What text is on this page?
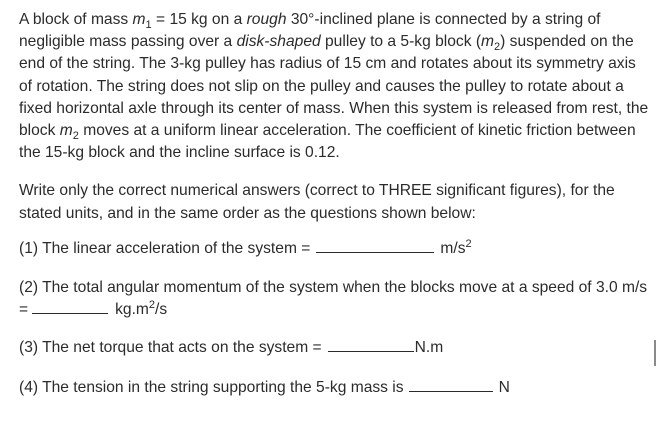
A block of mass $m_1 = 15$ kg on a rough 30°-inclined plane is connected by a string of negligible mass passing over a disk-shaped pulley to a 5-kg block $(m_2)$ suspended on the end of the string. The 3-kg pulley has radius of 15 cm and rotates about its symmetry axis of rotation. The string does not slip on the pulley and causes the pulley to rotate about a fixed horizontal axle through its center of mass. When this system is released from rest, the block $m_2$ moves at a uniform linear acceleration. The coefficient of kinetic friction between the 15-kg block and the incline surface is 0.12.

Write only the correct numerical answers (correct to THREE significant figures), for the stated units, and in the same order as the questions shown below:

(1) The linear acceleration of the system =	$m/s^2$

(2) The total angular momentum of the system when the blocks move at a speed of 3.0 m/s =	$kg.m^2/s$

(3) The net torque that acts on the system =	N.m

(4) The tension in the string supporting the 5-kg mass is	N
